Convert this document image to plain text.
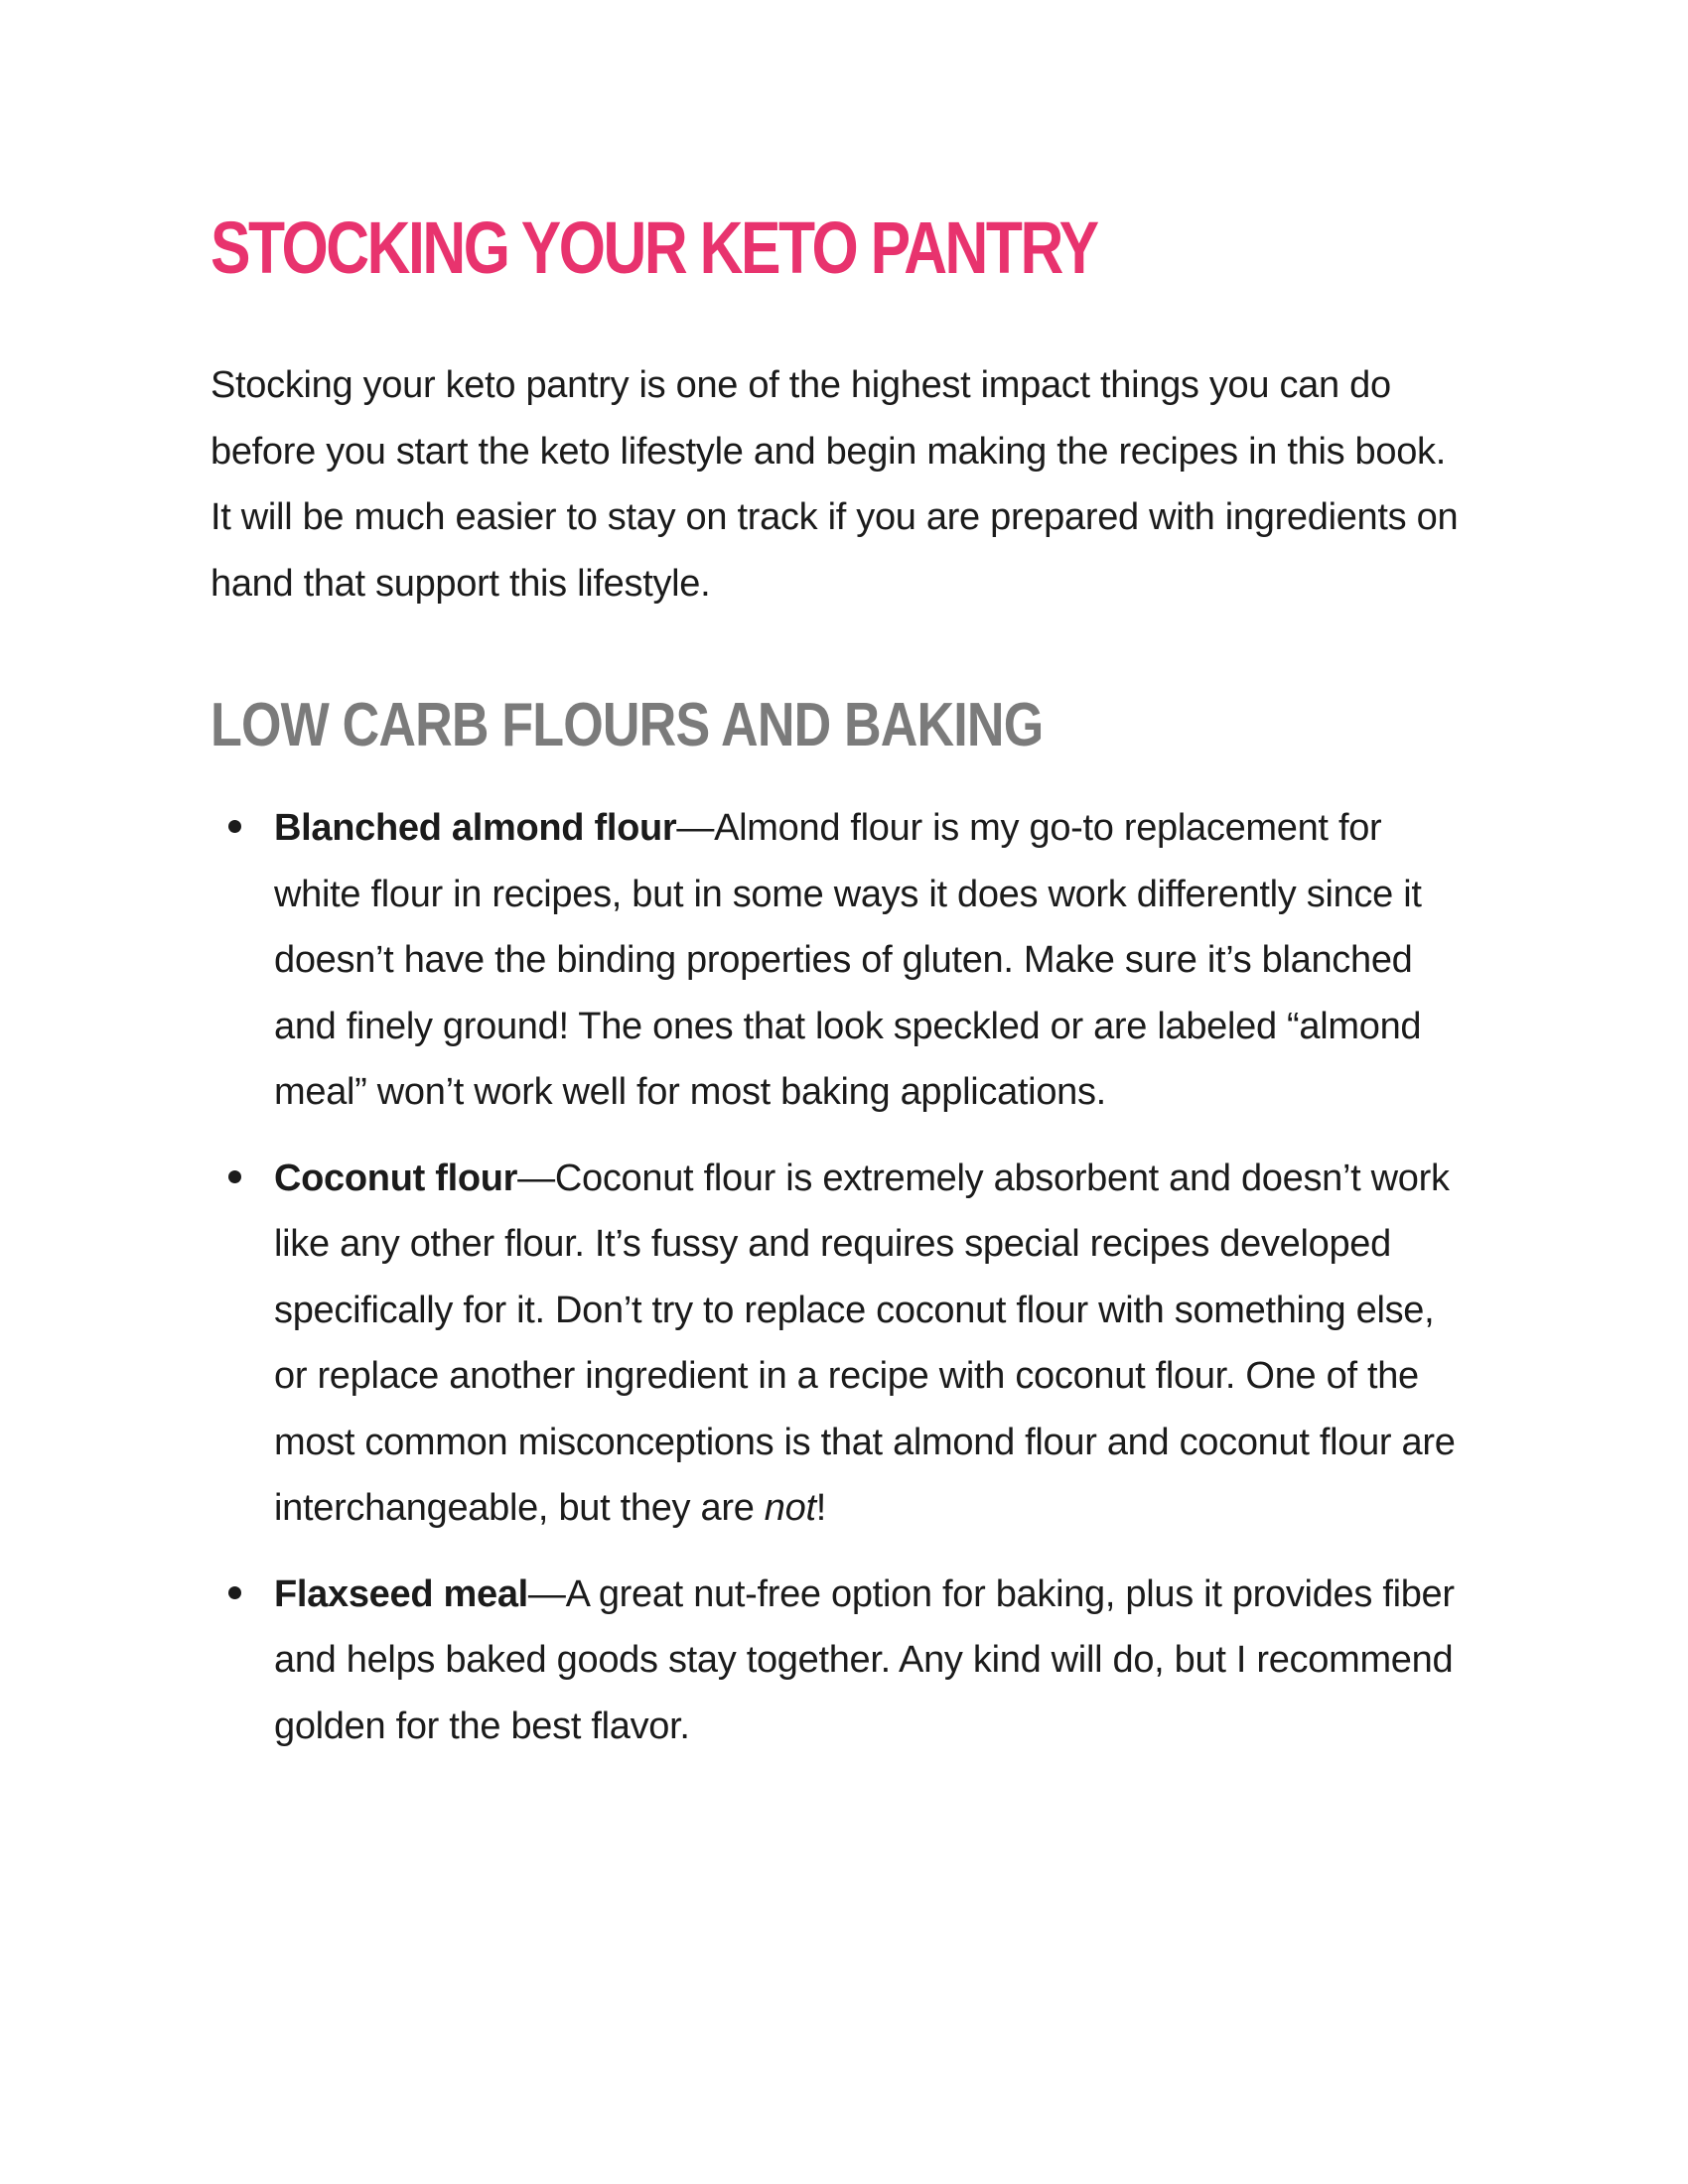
STOCKING YOUR KETO PANTRY

Stocking your keto pantry is one of the highest impact things you can do before you start the keto lifestyle and begin making the recipes in this book. It will be much easier to stay on track if you are prepared with ingredients on hand that support this lifestyle.

LOW CARB FLOURS AND BAKING
Blanched almond flour—Almond flour is my go-to replacement for white flour in recipes, but in some ways it does work differently since it doesn’t have the binding properties of gluten. Make sure it’s blanched and finely ground! The ones that look speckled or are labeled “almond meal” won’t work well for most baking applications.
Coconut flour—Coconut flour is extremely absorbent and doesn’t work like any other flour. It’s fussy and requires special recipes developed specifically for it. Don’t try to replace coconut flour with something else, or replace another ingredient in a recipe with coconut flour. One of the most common misconceptions is that almond flour and coconut flour are interchangeable, but they are not!
Flaxseed meal—A great nut-free option for baking, plus it provides fiber and helps baked goods stay together. Any kind will do, but I recommend golden for the best flavor.
